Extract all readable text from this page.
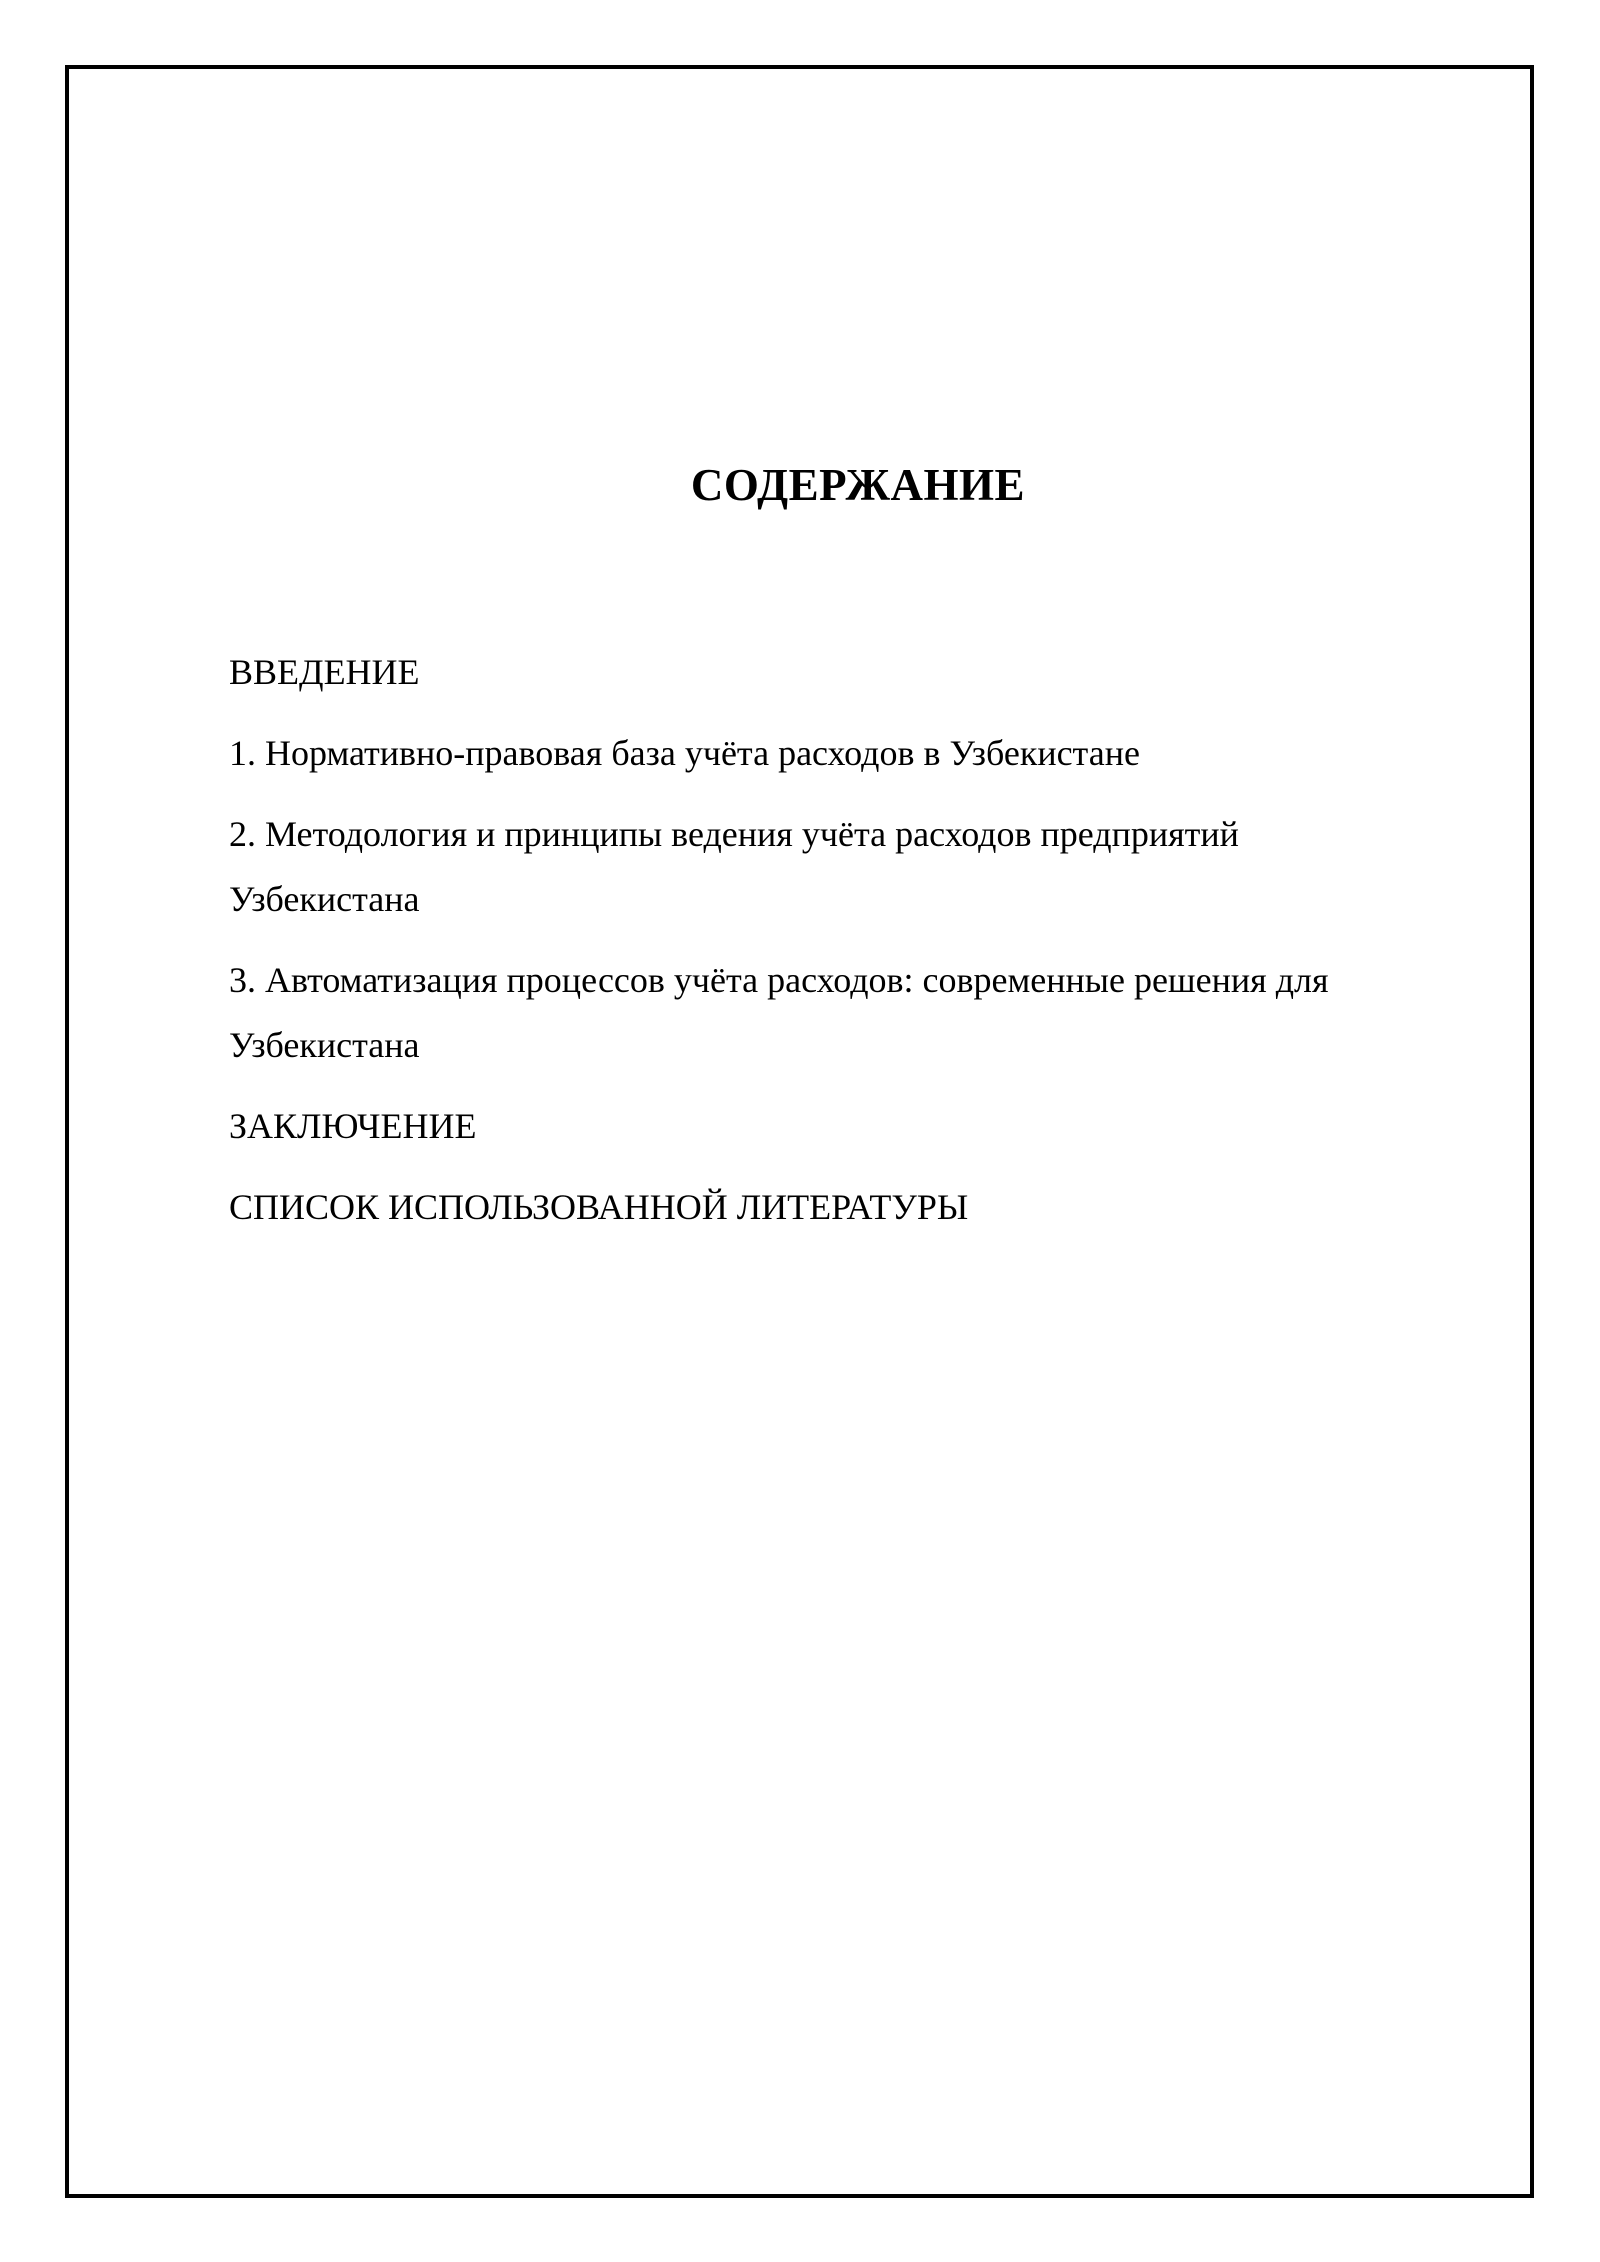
СОДЕРЖАНИЕ
ВВЕДЕНИЕ
1. Нормативно-правовая база учёта расходов в Узбекистане
2. Методология и принципы ведения учёта расходов предприятий Узбекистана
3. Автоматизация процессов учёта расходов: современные решения для Узбекистана
ЗАКЛЮЧЕНИЕ
СПИСОК ИСПОЛЬЗОВАННОЙ ЛИТЕРАТУРЫ
